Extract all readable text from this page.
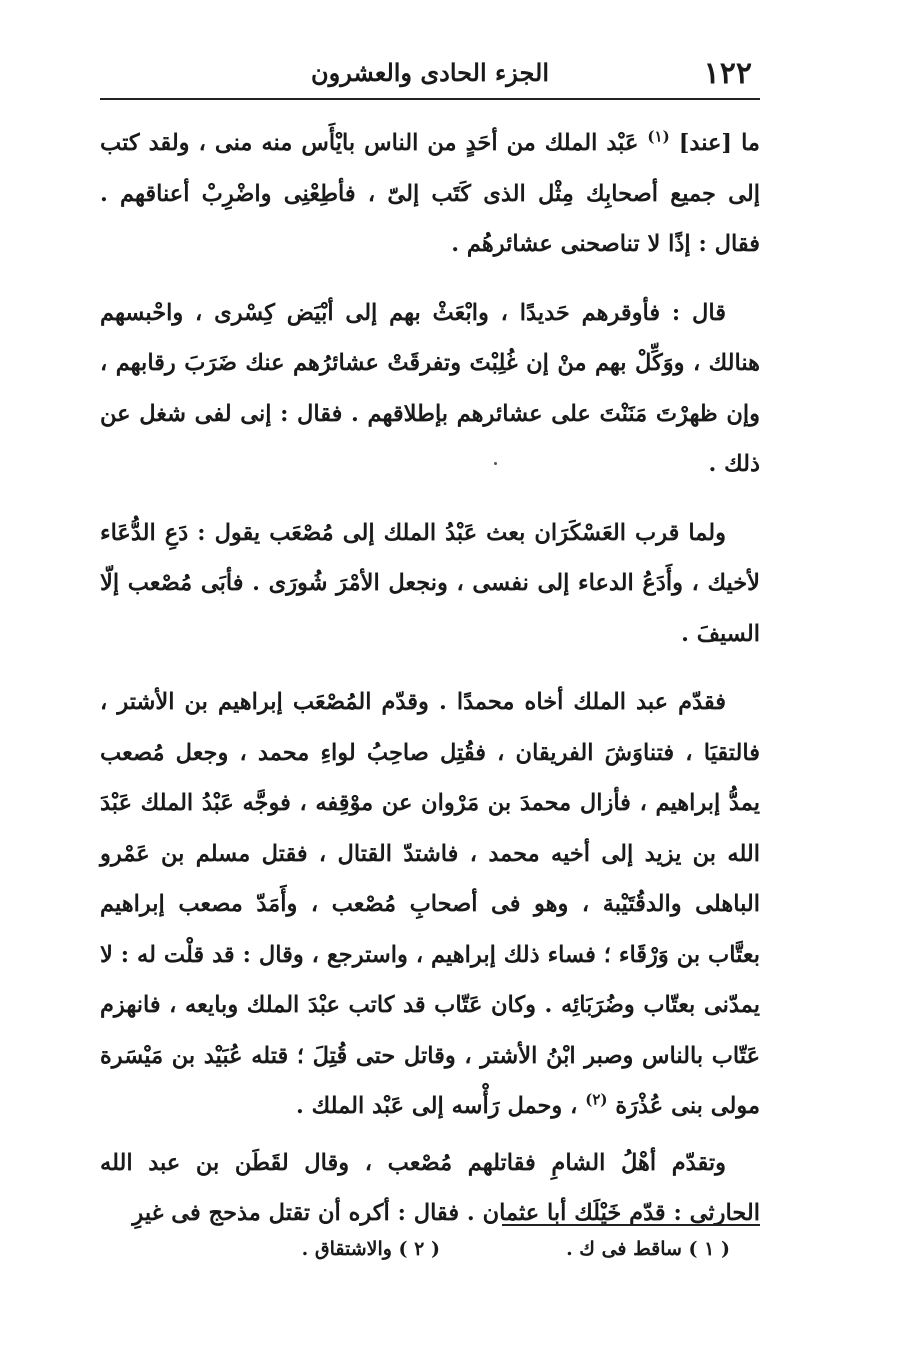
١٢٢
الجزء الحادى والعشرون

ما [عند] $^{(١)}$ عَبْد الملك من أحَدٍ من الناس بايْأَس منه منى ، ولقد كتب إلى جميع أصحابِك مِثْل الذى كَتَب إلىّ ، فأطِعْنِى واضْرِبْ أعناقهم . فقال : إذًا لا تناصحنى عشائرهُم .

قال : فأوقرهم حَديدًا ، وابْعَثْ بهم إلى أبْيَض كِسْرى ، واحْبسهم هنالك ، ووَكِّلْ بهم منْ إن غُلِبْتَ وتفرقَتْ عشائرُهم عنك ضَرَبَ رقابهم ، وإن ظهرْتَ مَنَنْتَ على عشائرهم بإطلاقهم . فقال : إنى لفى شغل عن ذلك .

ولما قرب العَسْكَرَان بعث عَبْدُ الملك إلى مُصْعَب يقول : دَعِ الدُّعَاء لأخيك ، وأَدَعُ الدعاء إلى نفسى ، ونجعل الأمْرَ شُورَى . فأبَى مُصْعب إلّا السيفَ .

فقدّم عبد الملك أخاه محمدًا . وقدّم المُصْعَب إبراهيم بن الأشتر ، فالتقيَا ، فتناوَشَ الفريقان ، فقُتِل صاحِبُ لواءِ محمد ، وجعل مُصعب يمدُّ إبراهيم ، فأزال محمدَ بن مَرْوان عن موْقِفه ، فوجَّه عَبْدُ الملك عَبْدَ الله بن يزيد إلى أخيه محمد ، فاشتدّ القتال ، فقتل مسلم بن عَمْرو الباهلى والدقُتَيْبة ، وهو فى أصحابِ مُصْعب ، وأَمَدّ مصعب إبراهيم بعتَّاب بن وَرْقَاء ؛ فساء ذلك إبراهيم ، واسترجع ، وقال : قد قلْت له : لا يمدّنى بعتّاب وضُرَبَائِه . وكان عَتّاب قد كاتب عبْدَ الملك وبايعه ، فانهزم عَتّاب بالناس وصبر ابْنُ الأشتر ، وقاتل حتى قُتِلَ ؛ قتله عُبَيْد بن مَيْسَرة مولى بنى عُذْرَة $^{(٢)}$ ، وحمل رَأْسه إلى عَبْد الملك .

وتقدّم أهْلُ الشامِ فقاتلهم مُصْعب ، وقال لقَطَن بن عبد الله الحارثى : قدّم خَيْلَك أبا عثمان . فقال : أكره أن تقتل مذحج فى غيرِ

( ١ ) ساقط فى ك .
( ٢ ) والاشتقاق .
